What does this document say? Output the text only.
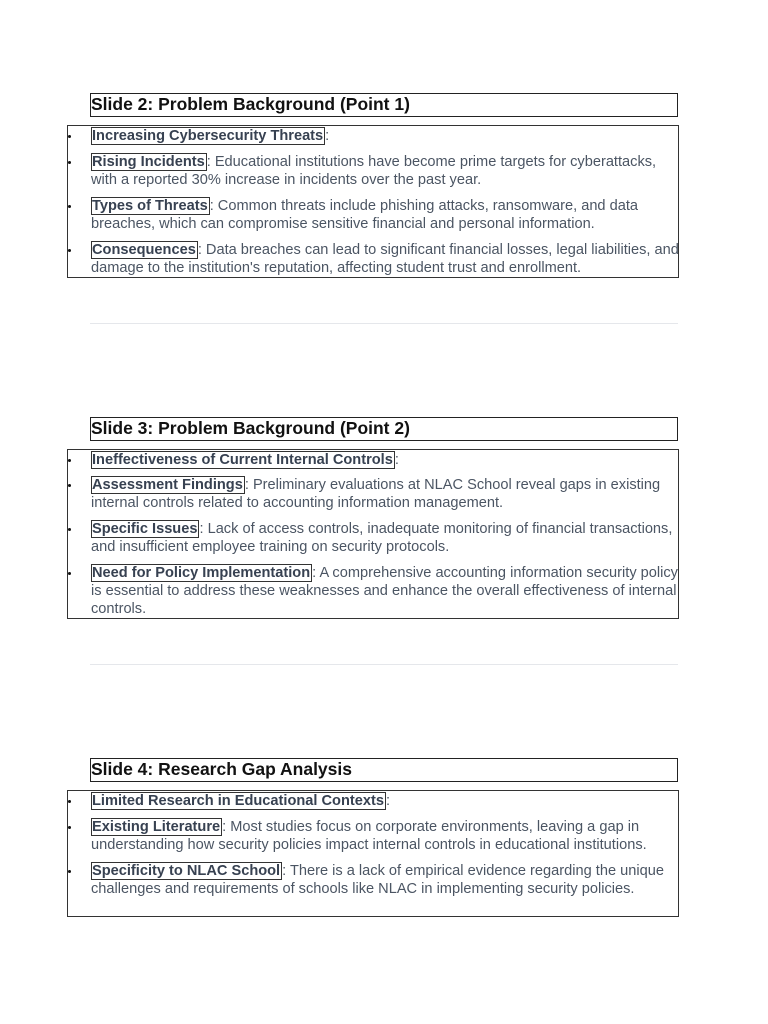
Slide 2: Problem Background (Point 1)
Increasing Cybersecurity Threats :
Rising Incidents : Educational institutions have become prime targets for cyberattacks, with a reported 30% increase in incidents over the past year.
Types of Threats : Common threats include phishing attacks, ransomware, and data breaches, which can compromise sensitive financial and personal information.
Consequences : Data breaches can lead to significant financial losses, legal liabilities, and damage to the institution's reputation, affecting student trust and enrollment.
Slide 3: Problem Background (Point 2)
Ineffectiveness of Current Internal Controls :
Assessment Findings : Preliminary evaluations at NLAC School reveal gaps in existing internal controls related to accounting information management.
Specific Issues : Lack of access controls, inadequate monitoring of financial transactions, and insufficient employee training on security protocols.
Need for Policy Implementation : A comprehensive accounting information security policy is essential to address these weaknesses and enhance the overall effectiveness of internal controls.
Slide 4: Research Gap Analysis
Limited Research in Educational Contexts :
Existing Literature : Most studies focus on corporate environments, leaving a gap in understanding how security policies impact internal controls in educational institutions.
Specificity to NLAC School : There is a lack of empirical evidence regarding the unique challenges and requirements of schools like NLAC in implementing security policies.
